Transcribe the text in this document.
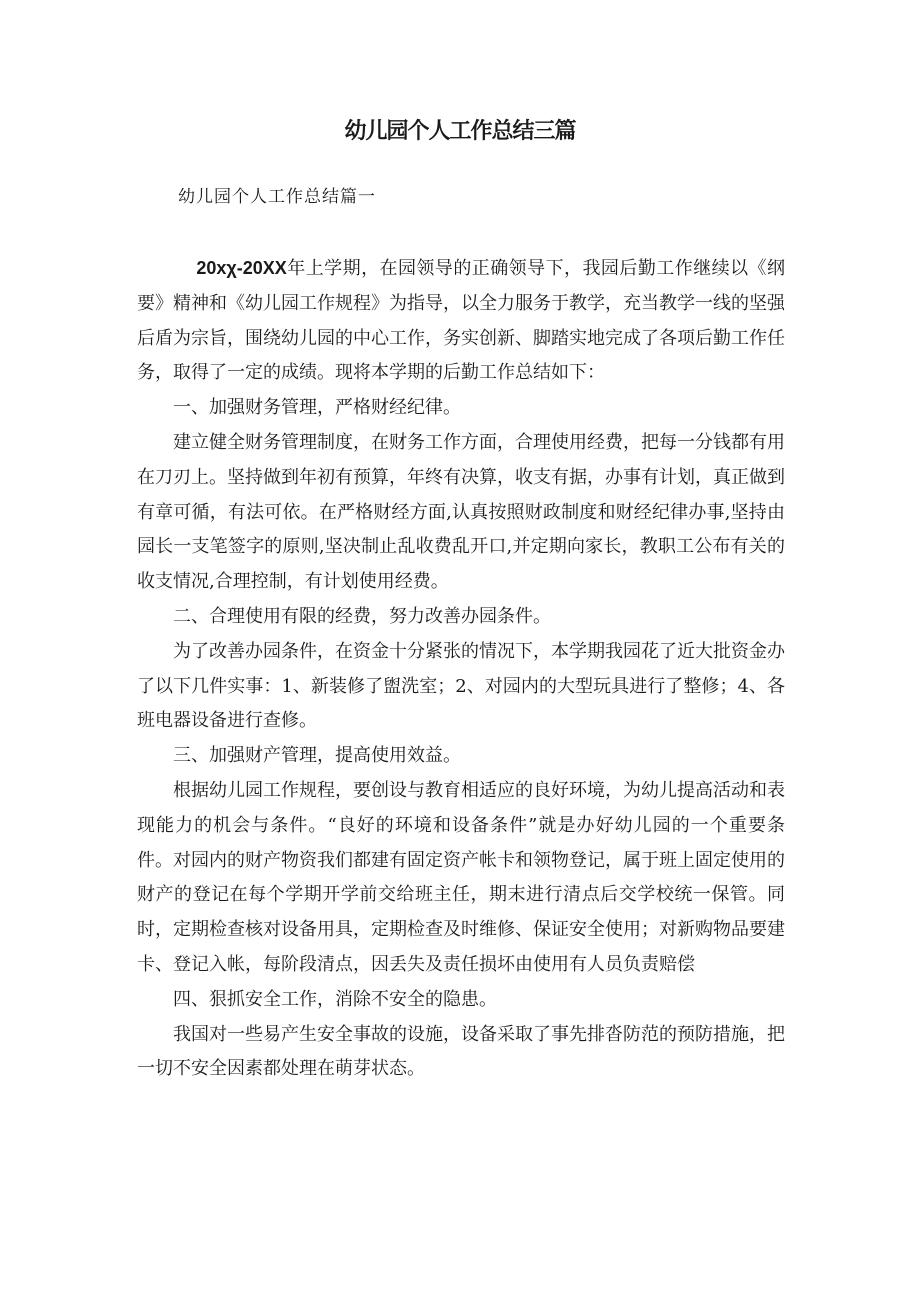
幼儿园个人工作总结三篇
幼儿园个人工作总结篇一

20xχ-20XX年上学期，在园领导的正确领导下，我园后勤工作继续以《纲要》精神和《幼儿园工作规程》为指导，以全力服务于教学，充当教学一线的坚强后盾为宗旨，围绕幼儿园的中心工作，务实创新、脚踏实地完成了各项后勤工作任务，取得了一定的成绩。现将本学期的后勤工作总结如下：

一、加强财务管理，严格财经纪律。

建立健全财务管理制度，在财务工作方面，合理使用经费，把每一分钱都有用在刀刃上。坚持做到年初有预算，年终有决算，收支有据，办事有计划，真正做到有章可循，有法可依。在严格财经方面,认真按照财政制度和财经纪律办事,坚持由园长一支笔签字的原则,坚决制止乱收费乱开口,并定期向家长，教职工公布有关的收支情况,合理控制，有计划使用经费。

二、合理使用有限的经费，努力改善办园条件。

为了改善办园条件，在资金十分紧张的情况下，本学期我园花了近大批资金办了以下几件实事：1、新装修了盥洗室；2、对园内的大型玩具进行了整修；4、各班电器设备进行查修。

三、加强财产管理，提高使用效益。

根据幼儿园工作规程，要创设与教育相适应的良好环境，为幼儿提高活动和表现能力的机会与条件。“良好的环境和设备条件”就是办好幼儿园的一个重要条件。对园内的财产物资我们都建有固定资产帐卡和领物登记，属于班上固定使用的财产的登记在每个学期开学前交给班主任，期末进行清点后交学校统一保管。同时，定期检查核对设备用具，定期检查及时维修、保证安全使用；对新购物品要建卡、登记入帐，每阶段清点，因丢失及责任损坏由使用有人员负责赔偿

四、狠抓安全工作，消除不安全的隐患。

我国对一些易产生安全事故的设施，设备采取了事先排沓防范的预防措施，把一切不安全因素都处理在萌芽状态。
